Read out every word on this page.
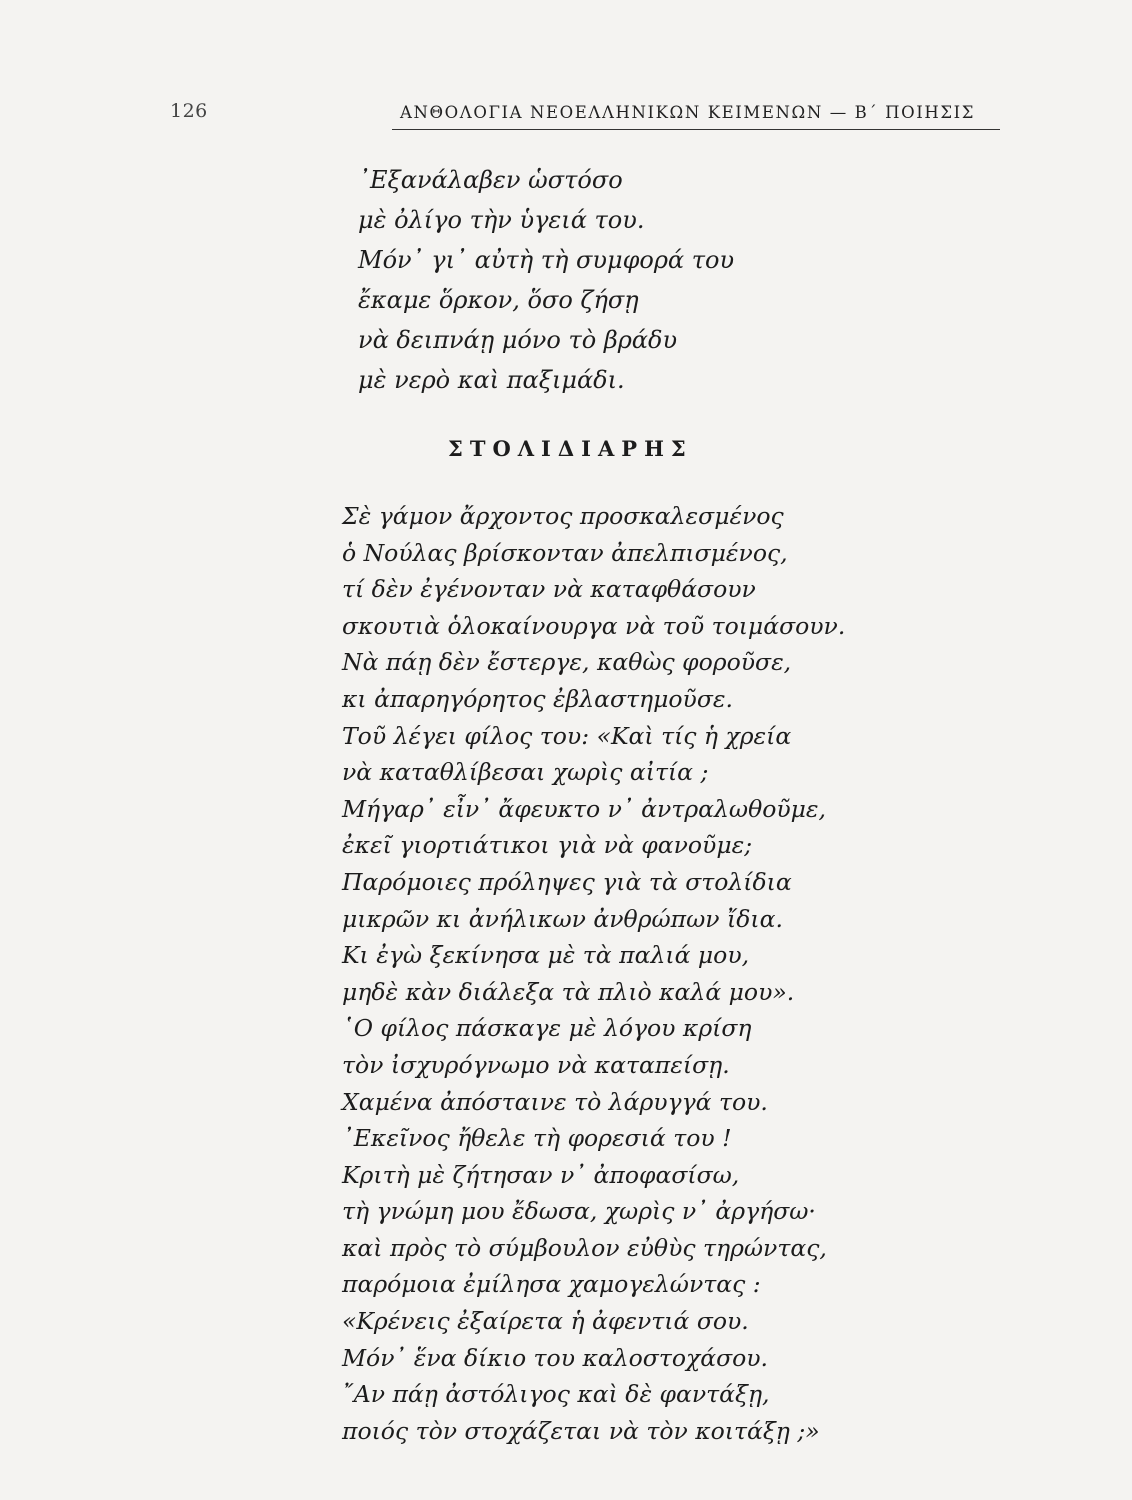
⠀
126	ΑΝΘΟΛΟΓΙΑ ΝΕΟΕΛΛΗΝΙΚΩΝ ΚΕΙΜΕΝΩΝ — Β΄ ΠΟΙΗΣΙΣ
᾿Εξανάλαβεν ὡστόσο
μὲ ὀλίγο τὴν ὑγειά του.
Μόν᾿ γι᾿ αὐτὴ τὴ συμφορά του
ἔκαμε ὅρκον, ὅσο ζήσῃ
νὰ δειπνάῃ μόνο τὸ βράδυ
μὲ νερὸ καὶ παξιμάδι.
ΣΤΟΛΙΔΙΑΡΗΣ
Σὲ γάμον ἄρχοντος προσκαλεσμένος
ὁ Νούλας βρίσκονταν ἀπελπισμένος,
τί δὲν ἐγένονταν νὰ καταφθάσουν
σκουτιὰ ὁλοκαίνουργα νὰ τοῦ τοιμάσουν.
Νὰ πάῃ δὲν ἔστεργε, καθὼς φοροῦσε,
κι ἀπαρηγόρητος ἐβλαστημοῦσε.
Τοῦ λέγει φίλος του: «Καὶ τίς ἡ χρεία
νὰ καταθλίβεσαι χωρὶς αἰτία ;
Μήγαρ᾿ εἶν᾿ ἄφευκτο ν᾿ ἀντραλωθοῦμε,
ἐκεῖ γιορτιάτικοι γιὰ νὰ φανοῦμε;
Παρόμοιες πρόληψες γιὰ τὰ στολίδια
μικρῶν κι ἀνήλικων ἀνθρώπων ἴδια.
Κι ἐγὼ ξεκίνησα μὲ τὰ παλιά μου,
μηδὲ κὰν διάλεξα τὰ πλιὸ καλά μου».
῾Ο φίλος πάσκαγε μὲ λόγου κρίση
τὸν ἰσχυρόγνωμο νὰ καταπείσῃ.
Χαμένα ἀπόσταινε τὸ λάρυγγά του.
᾿Εκεῖνος ἤθελε τὴ φορεσιά του !
Κριτὴ μὲ ζήτησαν ν᾿ ἀποφασίσω,
τὴ γνώμη μου ἔδωσα, χωρὶς ν᾿ ἀργήσω·
καὶ πρὸς τὸ σύμβουλον εὐθὺς τηρώντας,
παρόμοια ἐμίλησα χαμογελώντας :
«Κρένεις ἐξαίρετα ἡ ἀφεντιά σου.
Μόν᾿ ἕνα δίκιο του καλοστοχάσου.
῎Αν πάῃ ἀστόλιγος καὶ δὲ φαντάξῃ,
ποιός τὸν στοχάζεται νὰ τὸν κοιτάξῃ ;»
